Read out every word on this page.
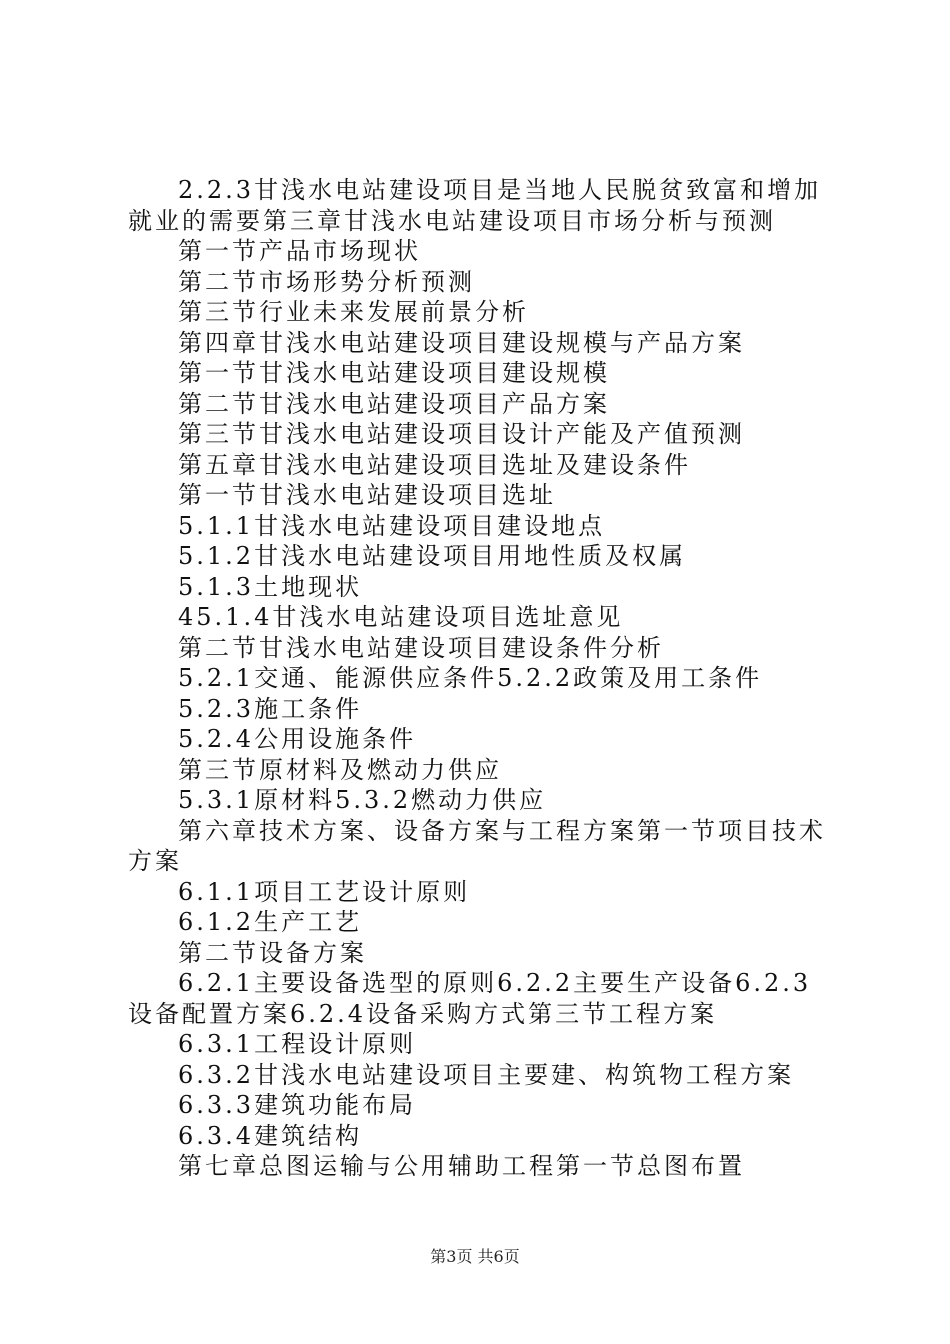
2.2.3甘浅水电站建设项目是当地人民脱贫致富和增加就业的需要第三章甘浅水电站建设项目市场分析与预测

第一节产品市场现状

第二节市场形势分析预测

第三节行业未来发展前景分析

第四章甘浅水电站建设项目建设规模与产品方案

第一节甘浅水电站建设项目建设规模

第二节甘浅水电站建设项目产品方案

第三节甘浅水电站建设项目设计产能及产值预测

第五章甘浅水电站建设项目选址及建设条件

第一节甘浅水电站建设项目选址

5.1.1甘浅水电站建设项目建设地点

5.1.2甘浅水电站建设项目用地性质及权属

5.1.3土地现状

45.1.4甘浅水电站建设项目选址意见

第二节甘浅水电站建设项目建设条件分析

5.2.1交通、能源供应条件5.2.2政策及用工条件

5.2.3施工条件

5.2.4公用设施条件

第三节原材料及燃动力供应

5.3.1原材料5.3.2燃动力供应

第六章技术方案、设备方案与工程方案第一节项目技术方案

6.1.1项目工艺设计原则

6.1.2生产工艺

第二节设备方案

6.2.1主要设备选型的原则6.2.2主要生产设备6.2.3设备配置方案6.2.4设备采购方式第三节工程方案

6.3.1工程设计原则

6.3.2甘浅水电站建设项目主要建、构筑物工程方案

6.3.3建筑功能布局

6.3.4建筑结构

第七章总图运输与公用辅助工程第一节总图布置

第3页 共6页
